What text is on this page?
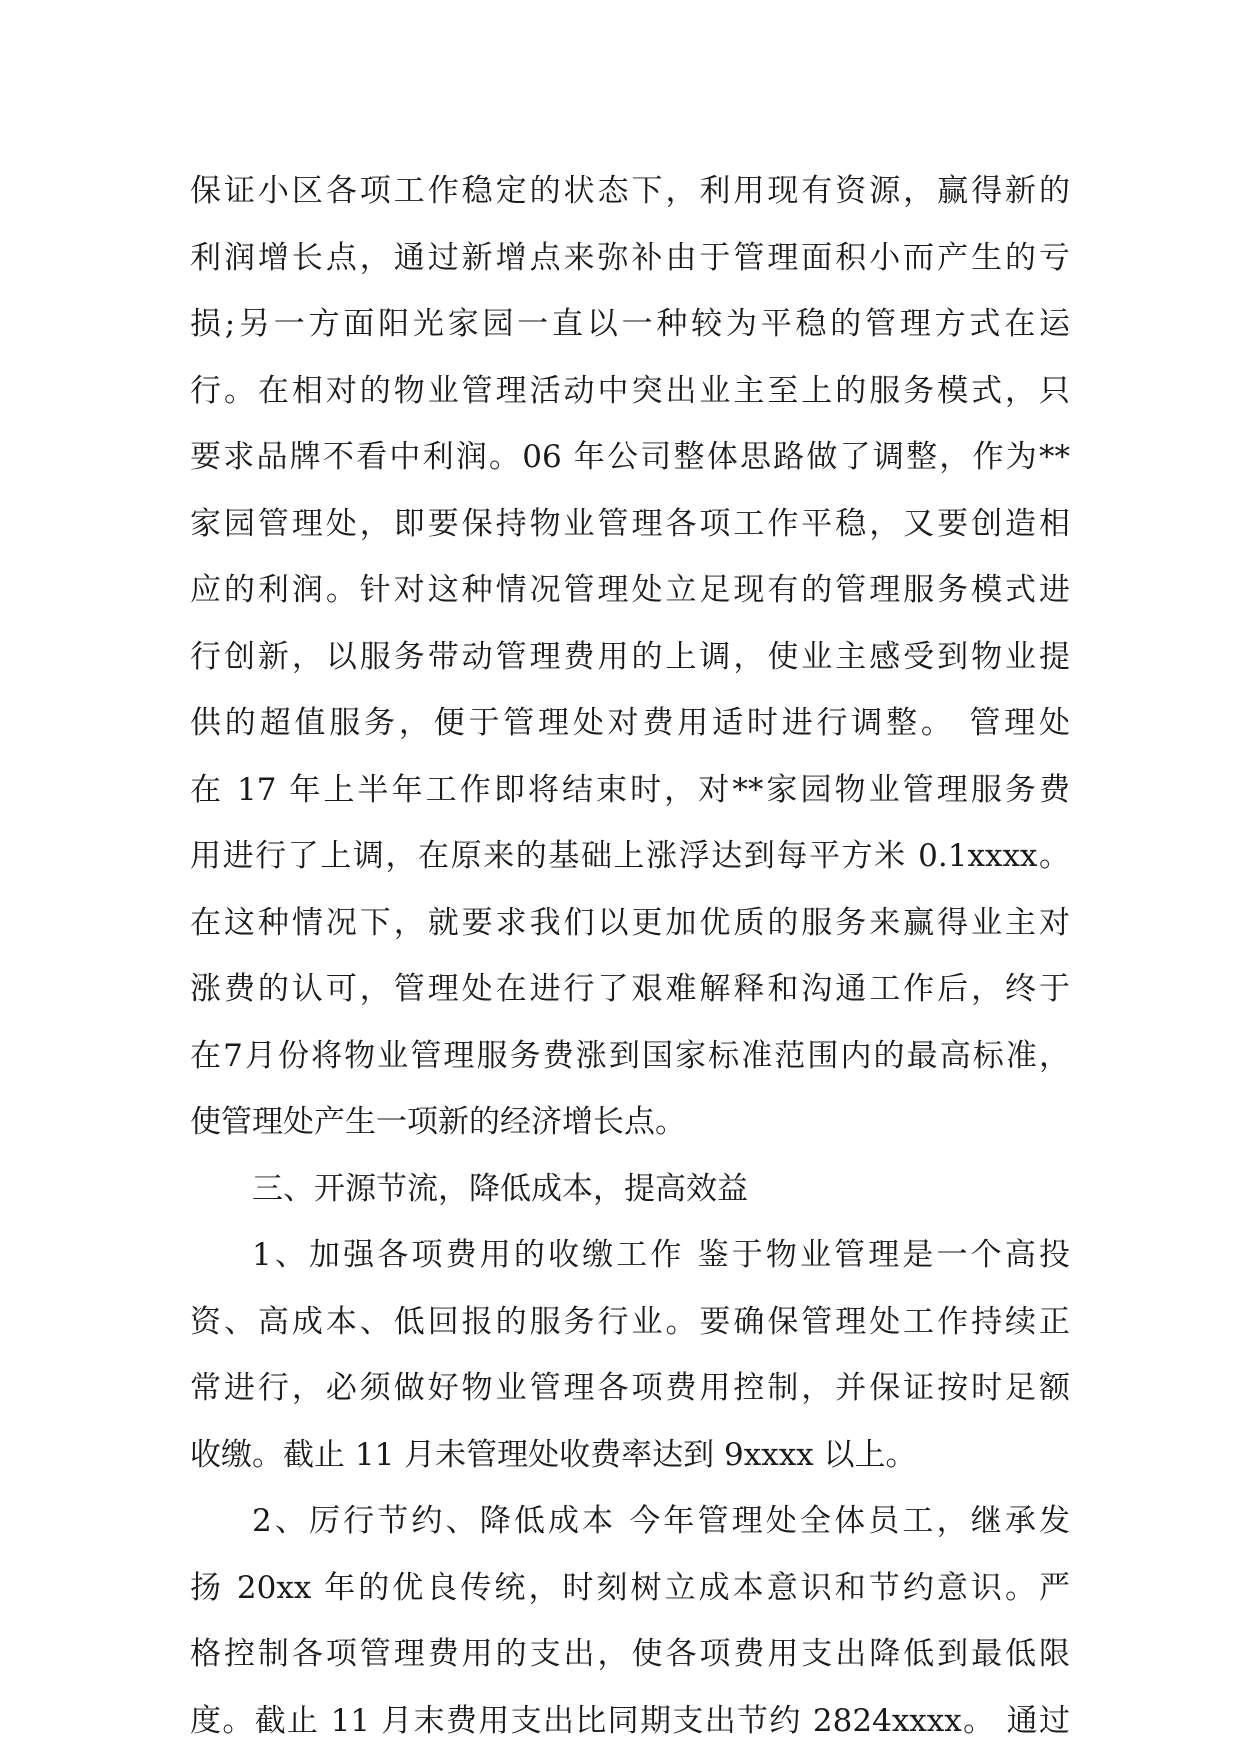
保证小区各项工作稳定的状态下，利用现有资源，赢得新的
利润增长点，通过新增点来弥补由于管理面积小而产生的亏
损;另一方面阳光家园一直以一种较为平稳的管理方式在运
行。在相对的物业管理活动中突出业主至上的服务模式，只
要求品牌不看中利润。06 年公司整体思路做了调整，作为**
家园管理处，即要保持物业管理各项工作平稳，又要创造相
应的利润。针对这种情况管理处立足现有的管理服务模式进
行创新，以服务带动管理费用的上调，使业主感受到物业提
供的超值服务，便于管理处对费用适时进行调整。 管理处
在 17 年上半年工作即将结束时，对**家园物业管理服务费
用进行了上调，在原来的基础上涨浮达到每平方米 0.1xxxx。
在这种情况下，就要求我们以更加优质的服务来赢得业主对
涨费的认可，管理处在进行了艰难解释和沟通工作后，终于
在7月份将物业管理服务费涨到国家标准范围内的最高标准，
使管理处产生一项新的经济增长点。
三、开源节流，降低成本，提高效益
1、加强各项费用的收缴工作 鉴于物业管理是一个高投
资、高成本、低回报的服务行业。要确保管理处工作持续正
常进行，必须做好物业管理各项费用控制，并保证按时足额
收缴。截止 11 月未管理处收费率达到 9xxxx 以上。
2、厉行节约、降低成本 今年管理处全体员工，继承发
扬 20xx 年的优良传统，时刻树立成本意识和节约意识。严
格控制各项管理费用的支出，使各项费用支出降低到最低限
度。截止 11 月末费用支出比同期支出节约 2824xxxx。 通过
